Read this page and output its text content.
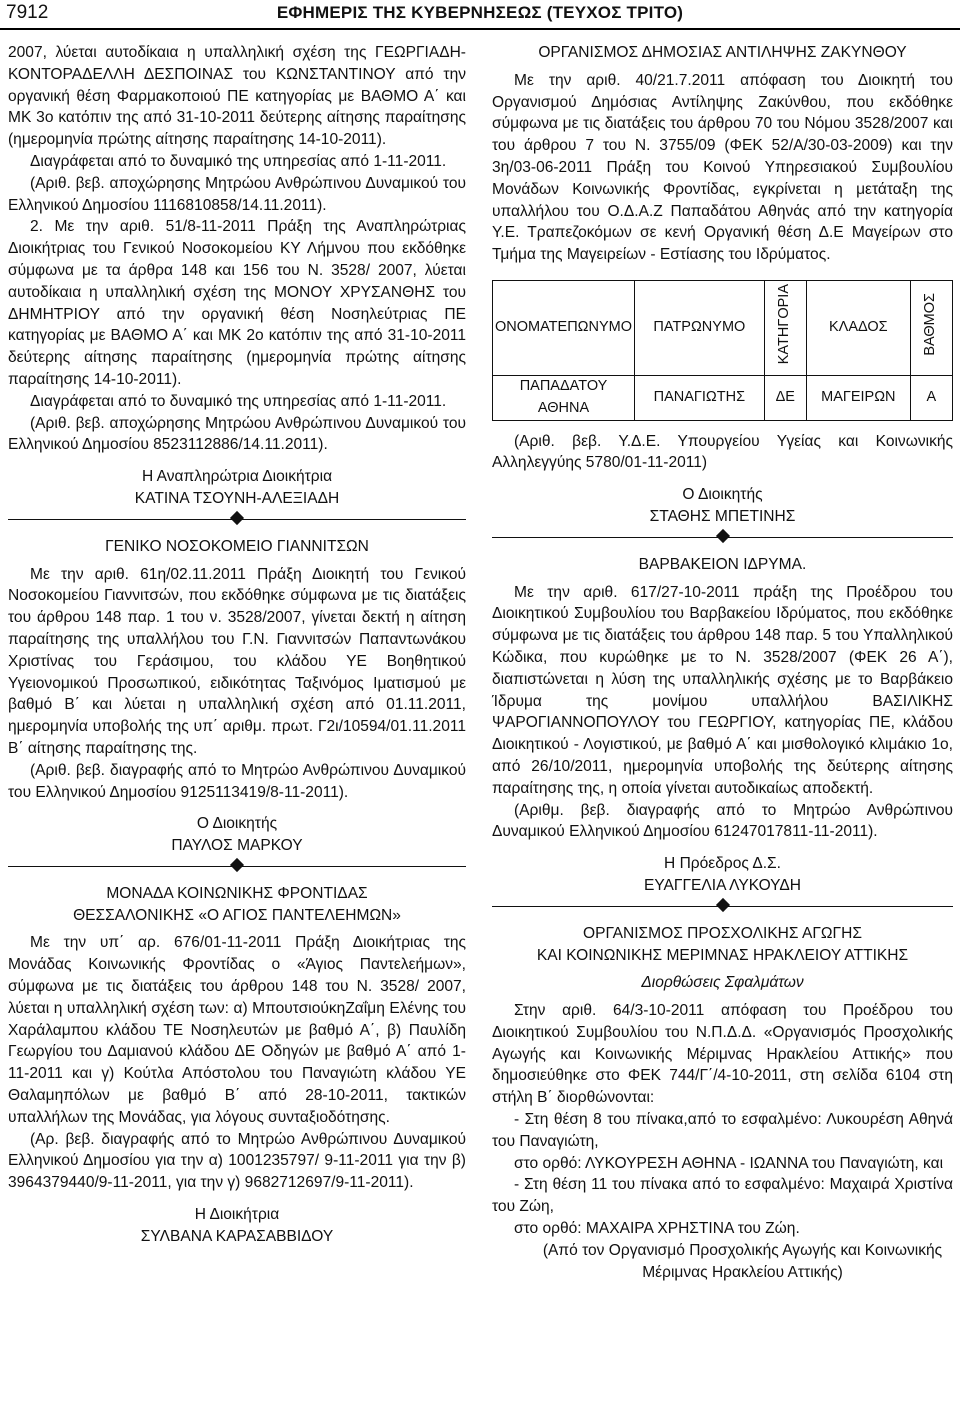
7912	ΕΦΗΜΕΡΙΣ ΤΗΣ ΚΥΒΕΡΝΗΣΕΩΣ (ΤΕΥΧΟΣ ΤΡΙΤΟ)

2007, λύεται αυτοδίκαια η υπαλληλική σχέση της ΓΕΩΡΓΙΑΔΗ-ΚΟΝΤΟΡΑΔΕΛΛΗ ΔΕΣΠΟΙΝΑΣ του ΚΩΝΣΤΑΝΤΙΝΟΥ από την οργανική θέση Φαρμακοποιού ΠΕ κατηγορίας με ΒΑΘΜΟ Α΄ και ΜΚ 3ο κατόπιν της από 31-10-2011 δεύτερης αίτησης παραίτησης (ημερομηνία πρώτης αίτησης παραίτησης 14-10-2011).

Διαγράφεται από το δυναμικό της υπηρεσίας από 1-11-2011.

(Αριθ. βεβ. αποχώρησης Μητρώου Ανθρώπινου Δυναμικού του Ελληνικού Δημοσίου 1116810858/14.11.2011).

2. Με την αριθ. 51/8-11-2011 Πράξη της Αναπληρώτριας Διοικήτριας του Γενικού Νοσοκομείου ΚΥ Λήμνου που εκδόθηκε σύμφωνα με τα άρθρα 148 και 156 του Ν. 3528/ 2007, λύεται αυτοδίκαια η υπαλληλική σχέση της ΜΟΝΟΥ ΧΡΥΣΑΝΘΗΣ του ΔΗΜΗΤΡΙΟΥ από την οργανική θέση Νοσηλεύτριας ΠΕ κατηγορίας με ΒΑΘΜΟ Α΄ και ΜΚ 2ο κατόπιν της από 31-10-2011 δεύτερης αίτησης παραίτησης (ημερομηνία πρώτης αίτησης παραίτησης 14-10-2011).

Διαγράφεται από το δυναμικό της υπηρεσίας από 1-11-2011.

(Αριθ. βεβ. αποχώρησης Μητρώου Ανθρώπινου Δυναμικού του Ελληνικού Δημοσίου 8523112886/14.11.2011).

Η Αναπληρώτρια Διοικήτρια

ΚΑΤΙΝΑ ΤΣΟΥΝΗ-ΑΛΕΞΙΑΔΗ

ΓΕΝΙΚΟ ΝΟΣΟΚΟΜΕΙΟ ΓΙΑΝΝΙΤΣΩΝ

Με την αριθ. 61η/02.11.2011 Πράξη Διοικητή του Γενικού Νοσοκομείου Γιαννιτσών, που εκδόθηκε σύμφωνα με τις διατάξεις του άρθρου 148 παρ. 1 του ν. 3528/2007, γίνεται δεκτή η αίτηση παραίτησης της υπαλλήλου του Γ.Ν. Γιαννιτσών Παπαντωνάκου Χριστίνας του Γεράσιμου, του κλάδου ΥΕ Βοηθητικού Υγειονομικού Προσωπικού, ειδικότητας Ταξινόμος Ιματισμού με βαθμό Β΄ και λύεται η υπαλληλική σχέση από 01.11.2011, ημερομηνία υποβολής της υπ΄ αριθμ. πρωτ. Γ2ι/10594/01.11.2011 Β΄ αίτησης παραίτησης της.

(Αριθ. βεβ. διαγραφής από το Μητρώο Ανθρώπινου Δυναμικού του Ελληνικού Δημοσίου 9125113419/8-11-2011).

Ο Διοικητής

ΠΑΥΛΟΣ ΜΑΡΚΟΥ

ΜΟΝΑΔΑ ΚΟΙΝΩΝΙΚΗΣ ΦΡΟΝΤΙΔΑΣ

ΘΕΣΣΑΛΟΝΙΚΗΣ «Ο ΑΓΙΟΣ ΠΑΝΤΕΛΕΗΜΩΝ»

Με την υπ΄ αρ. 676/01-11-2011 Πράξη Διοικήτριας της Μονάδας Κοινωνικής Φροντίδας ο «Άγιος Παντελεήμων», σύμφωνα με τις διατάξεις του άρθρου 148 του Ν. 3528/ 2007, λύεται η υπαλληλική σχέση των: α) ΜπουτσιούκηΖαΐμη Ελένης του Χαράλαμπου κλάδου ΤΕ Νοσηλευτών με βαθμό Α΄, β) Παυλίδη Γεωργίου του Δαμιανού κλάδου ΔΕ Οδηγών με βαθμό Α΄ από 1-11-2011 και γ) Κούτλα Απόστολου του Παναγιώτη κλάδου ΥΕ Θαλαμηπόλων με βαθμό Β΄ από 28-10-2011, τακτικών υπαλλήλων της Μονάδας, για λόγους συνταξιοδότησης.

(Αρ. βεβ. διαγραφής από το Μητρώο Ανθρώπινου Δυναμικού Ελληνικού Δημοσίου για την α) 1001235797/ 9-11-2011 για την β) 3964379440/9-11-2011, για την γ) 9682712697/9-11-2011).

Η Διοικήτρια

ΣΥΛΒΑΝΑ ΚΑΡΑΣΑΒΒΙΔΟΥ

ΟΡΓΑΝΙΣΜΟΣ ΔΗΜΟΣΙΑΣ ΑΝΤΙΛΗΨΗΣ ΖΑΚΥΝΘΟΥ

Με την αριθ. 40/21.7.2011 απόφαση του Διοικητή του Οργανισμού Δημόσιας Αντίληψης Ζακύνθου, που εκδόθηκε σύμφωνα με τις διατάξεις του άρθρου 70 του Νόμου 3528/2007 και του άρθρου 7 του Ν. 3755/09 (ΦΕΚ 52/Α/30-03-2009) και την 3η/03-06-2011 Πράξη του Κοινού Υπηρεσιακού Συμβουλίου Μονάδων Κοινωνικής Φροντίδας, εγκρίνεται η μετάταξη της υπαλλήλου του Ο.Δ.Α.Ζ Παπαδάτου Αθηνάς από την κατηγορία Υ.Ε. Τραπεζοκόμων σε κενή Οργανική θέση Δ.Ε Μαγείρων στο Τμήμα της Μαγειρείων - Εστίασης του Ιδρύματος.

ΟΝΟΜΑΤΕΠΩΝΥΜΟ	ΠΑΤΡΩΝΥΜΟ	ΚΑΤΗΓΟΡΙΑ	ΚΛΑΔΟΣ	ΒΑΘΜΟΣ
ΠΑΠΑΔΑΤΟΥ ΑΘΗΝΑ	ΠΑΝΑΓΙΩΤΗΣ	ΔΕ	ΜΑΓΕΙΡΩΝ	Α

(Αριθ. βεβ. Υ.Δ.Ε. Υπουργείου Υγείας και Κοινωνικής Αλληλεγγύης 5780/01-11-2011)

Ο Διοικητής

ΣΤΑΘΗΣ ΜΠΕΤΙΝΗΣ

ΒΑΡΒΑΚΕΙΟΝ ΙΔΡΥΜΑ.

Με την αριθ. 617/27-10-2011 πράξη της Προέδρου του Διοικητικού Συμβουλίου του Βαρβακείου Ιδρύματος, που εκδόθηκε σύμφωνα με τις διατάξεις του άρθρου 148 παρ. 5 του Υπαλληλικού Κώδικα, που κυρώθηκε με το Ν. 3528/2007 (ΦΕΚ 26 Α΄), διαπιστώνεται η λύση της υπαλληλικής σχέσης με το Βαρβάκειο Ίδρυμα της μονίμου υπαλλήλου ΒΑΣΙΛΙΚΗΣ ΨΑΡΟΓΙΑΝΝΟΠΟΥΛΟΥ του ΓΕΩΡΓΙΟΥ, κατηγορίας ΠΕ, κλάδου Διοικητικού - Λογιστικού, με βαθμό Α΄ και μισθολογικό κλιμάκιο 1ο, από 26/10/2011, ημερομηνία υποβολής της δεύτερης αίτησης παραίτησης της, η οποία γίνεται αυτοδικαίως αποδεκτή.

(Αριθμ. βεβ. διαγραφής από το Μητρώο Ανθρώπινου Δυναμικού Ελληνικού Δημοσίου 61247017811-11-2011).

Η Πρόεδρος Δ.Σ.

ΕΥΑΓΓΕΛΙΑ ΛΥΚΟΥΔΗ

ΟΡΓΑΝΙΣΜΟΣ ΠΡΟΣΧΟΛΙΚΗΣ ΑΓΩΓΗΣ

ΚΑΙ ΚΟΙΝΩΝΙΚΗΣ ΜΕΡΙΜΝΑΣ ΗΡΑΚΛΕΙΟΥ ΑΤΤΙΚΗΣ

Διορθώσεις Σφαλμάτων

Στην αριθ. 64/3-10-2011 απόφαση του Προέδρου του Διοικητικού Συμβουλίου του Ν.Π.Δ.Δ. «Οργανισμός Προσχολικής Αγωγής και Κοινωνικής Μέριμνας Ηρακλείου Αττικής» που δημοσιεύθηκε στο ΦΕΚ 744/Γ΄/4-10-2011, στη σελίδα 6104 στη στήλη Β΄ διορθώνονται:

- Στη θέση 8 του πίνακα,από το εσφαλμένο: Λυκουρέση Αθηνά του Παναγιώτη,

στο ορθό: ΛΥΚΟΥΡΕΣΗ ΑΘΗΝΑ - ΙΩΑΝΝΑ του Παναγιώτη, και

- Στη θέση 11 του πίνακα από το εσφαλμένο: Μαχαιρά Χριστίνα του Ζώη,

στο ορθό: ΜΑΧΑΙΡΑ ΧΡΗΣΤΙΝΑ του Ζώη.

(Από τον Οργανισμό Προσχολικής Αγωγής και Κοινωνικής Μέριμνας Ηρακλείου Αττικής)
